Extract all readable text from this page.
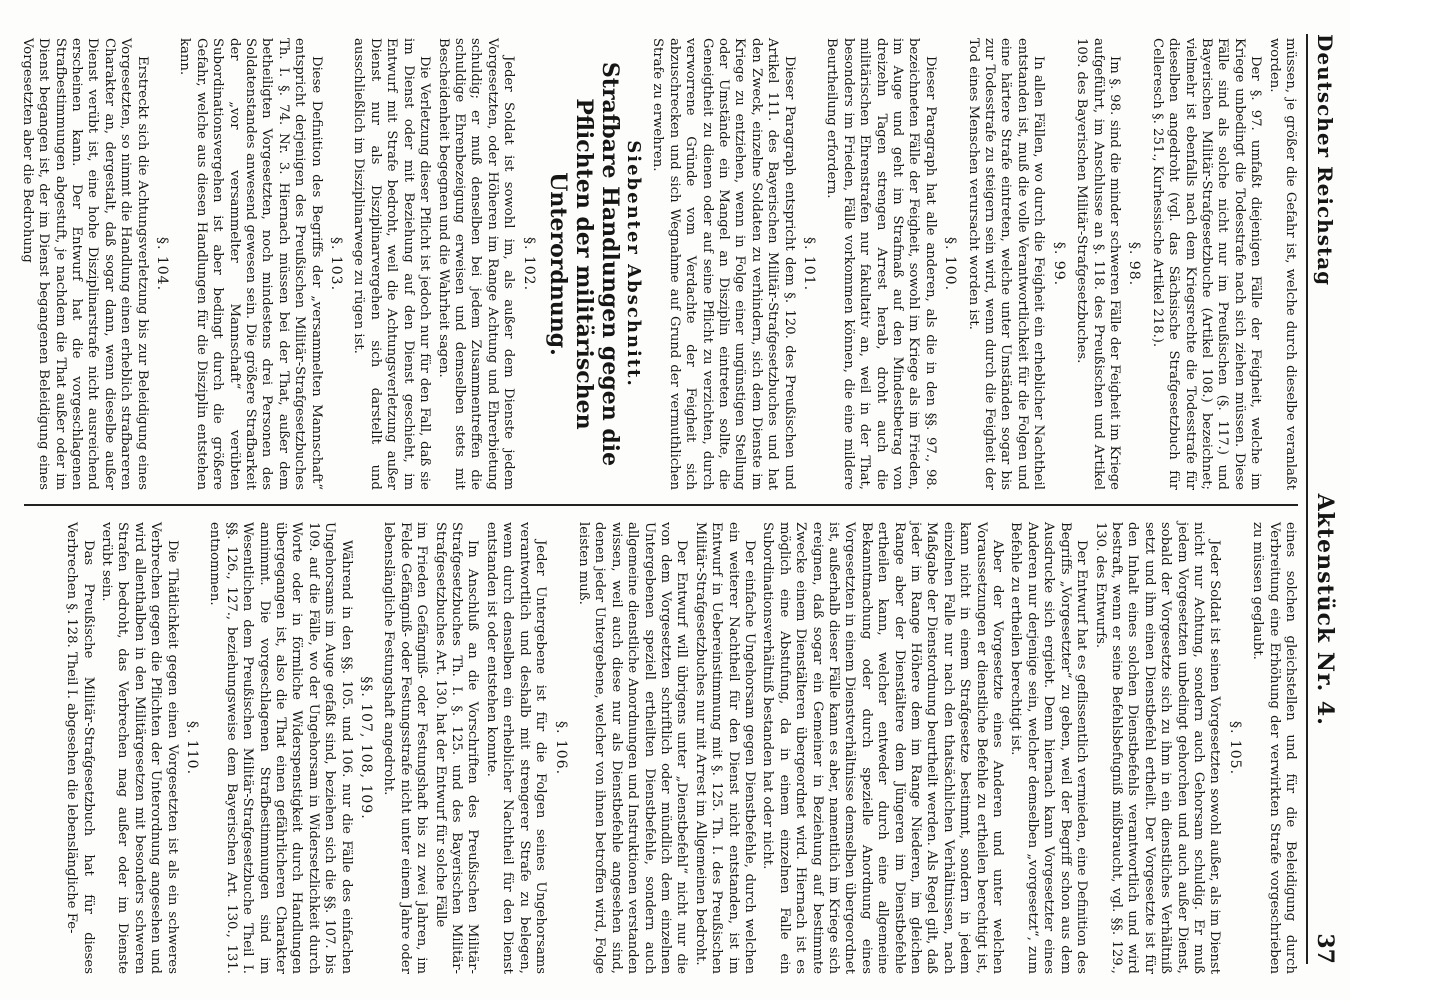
Deutscher Reichstag
Aktenstück Nr. 4.
37
müssen, je größer die Gefahr ist, welche durch dieselbe veranlaßt worden.
Der §. 97. umfaßt diejenigen Fälle der Feigheit, welche im Kriege unbedingt die Todesstrafe nach sich ziehen müssen. Diese Fälle sind als solche nicht nur im Preußischen (§. 117.) und Bayerischen Militär-Strafgesetzbuche (Artikel 108.) bezeichnet; vielmehr ist ebenfalls nach dem Kriegsrechte die Todesstrafe für dieselben angedroht (vgl. das Sächsische Strafgesetzbuch für Celleresch §. 251., Kurhessische Artikel 218.).
§. 98.
Im §. 98. sind die minder schweren Fälle der Feigheit im Kriege aufgeführt, im Anschlusse an §. 118. des Preußischen und Artikel 109. des Bayerischen Militär-Strafgesetzbuches.
§. 99.
In allen Fällen, wo durch die Feigheit ein erheblicher Nachtheil entstanden ist, muß die volle Verantwortlichkeit für die Folgen und eine härtere Strafe eintreten, welche unter Umständen sogar bis zur Todesstrafe zu steigern sein wird, wenn durch die Feigheit der Tod eines Menschen verursacht worden ist.
§. 100.
Dieser Paragraph hat alle anderen, als die in den §§. 97., 98. bezeichneten Fälle der Feigheit, sowohl im Kriege als im Frieden, im Auge und geht im Strafmaß auf den Mindestbetrag von dreizehn Tagen strengen Arrest herab, droht auch die militärischen Ehrenstrafen nur fakultativ an, weil in der That, besonders im Frieden, Fälle vorkommen können, die eine mildere Beurtheilung erfordern.
§. 101.
Dieser Paragraph entspricht dem §. 120. des Preußischen und Artikel 111. des Bayerischen Militär-Strafgesetzbuches und hat den Zweck, einzelne Soldaten zu verhindern, sich dem Dienste im Kriege zu entziehen, wenn in Folge einer ungünstigen Stellung oder Umstände ein Mangel an Disziplin eintreten sollte, die Geneigtheit zu dienen oder auf seine Pflicht zu verzichten, durch verworrene Gründe vom Verdachte der Feigheit sich abzuschrecken und sich Wegnahme auf Grund der vermuthlichen Strafe zu erwehren.
Siebenter Abschnitt.
Strafbare Handlungen gegen die Pflichten der militärischen Unterordnung.
§. 102.
Jeder Soldat ist sowohl im, als außer dem Dienste jedem Vorgesetzten, oder Höheren im Range Achtung und Ehrerbietung schuldig; er muß denselben bei jedem Zusammentreffen die schuldige Ehrenbezeigung erweisen und demselben stets mit Bescheidenheit begegnen und die Wahrheit sagen.
Die Verletzung dieser Pflicht ist jedoch nur für den Fall, daß sie im Dienst oder mit Beziehung auf den Dienst geschieht, im Entwurf mit Strafe bedroht, weil die Achtungsverletzung außer Dienst nur als Disziplinarvergehen sich darstellt und ausschließlich im Disziplinarwege zu rügen ist.
§. 103.
Diese Definition des Begriffs der „versammelten Mannschaft“ entspricht derjenigen des Preußischen Militär-Strafgesetzbuches Th. I. §. 74. Nr. 3. Hiernach müssen bei der That, außer dem betheiligten Vorgesetzten, noch mindestens drei Personen des Soldatenstandes anwesend gewesen sein. Die größere Strafbarkeit der „vor versammelter Mannschaft“ verübten Subordinationsvergehen ist aber bedingt durch die größere Gefahr, welche aus diesen Handlungen für die Disziplin entstehen kann.
§. 104.
Erstreckt sich die Achtungsverletzung bis zur Beleidigung eines Vorgesetzten, so nimmt die Handlung einen erheblich strafbareren Charakter an, dergestalt, daß sogar dann, wenn dieselbe außer Dienst verübt ist, eine hohe Disziplinarstrafe nicht ausreichend erscheinen kann. Der Entwurf hat die vorgeschlagenen Strafbestimmungen abgestuft, je nachdem die That außer oder im Dienst begangen ist, der im Dienst begangenen Beleidigung eines Vorgesetzten aber die Bedrohung
eines solchen gleichstellen und für die Beleidigung durch Verbreitung eine Erhöhung der verwirkten Strafe vorgeschrieben zu müssen geglaubt.
§. 105.
Jeder Soldat ist seinen Vorgesetzten sowohl außer, als im Dienst nicht nur Achtung, sondern auch Gehorsam schuldig. Er muß jedem Vorgesetzten unbedingt gehorchen und auch außer Dienst, sobald der Vorgesetzte sich zu ihm in ein dienstliches Verhältniß setzt und ihm einen Dienstbefehl ertheilt. Der Vorgesetzte ist für den Inhalt eines solchen Dienstbefehls verantwortlich und wird bestraft, wenn er seine Befehlsbefugniß mißbraucht, vgl. §§. 129., 130. des Entwurfs.
Der Entwurf hat es geflissentlich vermieden, eine Definition des Begriffs „Vorgesetzter“ zu geben, weil der Begriff schon aus dem Ausdrucke sich ergiebt. Denn hiernach kann Vorgesetzter eines Anderen nur derjenige sein, welcher demselben „vorgesetzt“, zum Befehle zu ertheilen berechtigt ist.
Aber der Vorgesetzte eines Anderen und unter welchen Voraussetzungen er dienstliche Befehle zu ertheilen berechtigt ist, kann nicht in einem Strafgesetze bestimmt, sondern in jedem einzelnen Falle nur nach den thatsächlichen Verhältnissen, nach Maßgabe der Dienstordnung beurtheilt werden. Als Regel gilt, daß jeder im Range Höhere dem im Range Niederen, im gleichen Range aber der Dienstältere dem Jüngeren im Dienstbefehle ertheilen kann, welcher entweder durch eine allgemeine Bekanntmachung oder durch spezielle Anordnung eines Vorgesetzten in einem Dienstverhältnisse demselben übergeordnet ist, außerhalb dieser Fälle kann es aber, namentlich im Kriege sich ereignen, daß sogar ein Gemeiner in Beziehung auf bestimmte Zwecke einem Dienstälteren übergeordnet wird. Hiernach ist es möglich eine Abstufung, da in einem einzelnen Falle ein Subordinationsverhältniß bestanden hat oder nicht.
Der einfache Ungehorsam gegen Dienstbefehle, durch welchen ein weiterer Nachtheil für den Dienst nicht entstanden, ist im Entwurf in Uebereinstimmung mit §. 125. Th. I. des Preußischen Militär-Strafgesetzbuches nur mit Arrest im Allgemeinen bedroht.
Der Entwurf will übrigens unter „Dienstbefehl“ nicht nur die von dem Vorgesetzten schriftlich oder mündlich dem einzelnen Untergebenen speziell ertheilten Dienstbefehle, sondern auch allgemeine dienstliche Anordnungen und Instruktionen verstanden wissen, weil auch diese nur als Dienstbefehle angesehen sind, denen jeder Untergebene, welcher von ihnen betroffen wird, Folge leisten muß.
§. 106.
Jeder Untergebene ist für die Folgen seines Ungehorsams verantwortlich und deshalb mit strengerer Strafe zu belegen, wenn durch denselben ein erheblicher Nachtheil für den Dienst entstanden ist oder entstehen konnte.
Im Anschluß an die Vorschriften des Preußischen Militär-Strafgesetzbuches Th. I. §. 125. und des Bayerischen Militär-Strafgesetzbuches Art. 130. hat der Entwurf für solche Fälle
im Frieden Gefängniß- oder Festungshaft bis zu zwei Jahren, im Felde Gefängniß- oder Festungsstrafe nicht unter einem Jahre oder lebenslängliche Festungshaft angedroht.
§§. 107, 108, 109.
Während in den §§. 105. und 106. nur die Fälle des einfachen Ungehorsams im Auge gefaßt sind, beziehen sich die §§. 107. bis 109. auf die Fälle, wo der Ungehorsam in Widersetzlichkeit durch Worte oder in förmliche Widerspenstigkeit durch Handlungen übergegangen ist, also die That einen gefährlicheren Charakter annimmt. Die vorgeschlagenen Strafbestimmungen sind im Wesentlichen dem Preußischen Militär-Strafgesetzbuche Theil I. §§. 126., 127., beziehungsweise dem Bayerischen Art. 130., 131. entnommen.
§. 110.
Die Thätlichkeit gegen einen Vorgesetzten ist als ein schweres Verbrechen gegen die Pflichten der Unterordnung angesehen und wird allenthalben in den Militärgesetzen mit besonders schweren Strafen bedroht, das Verbrechen mag außer oder im Dienste verübt sein.
Das Preußische Militär-Strafgesetzbuch hat für dieses Verbrechen §. 128. Theil I. abgesehen die lebenslängliche Fe-
